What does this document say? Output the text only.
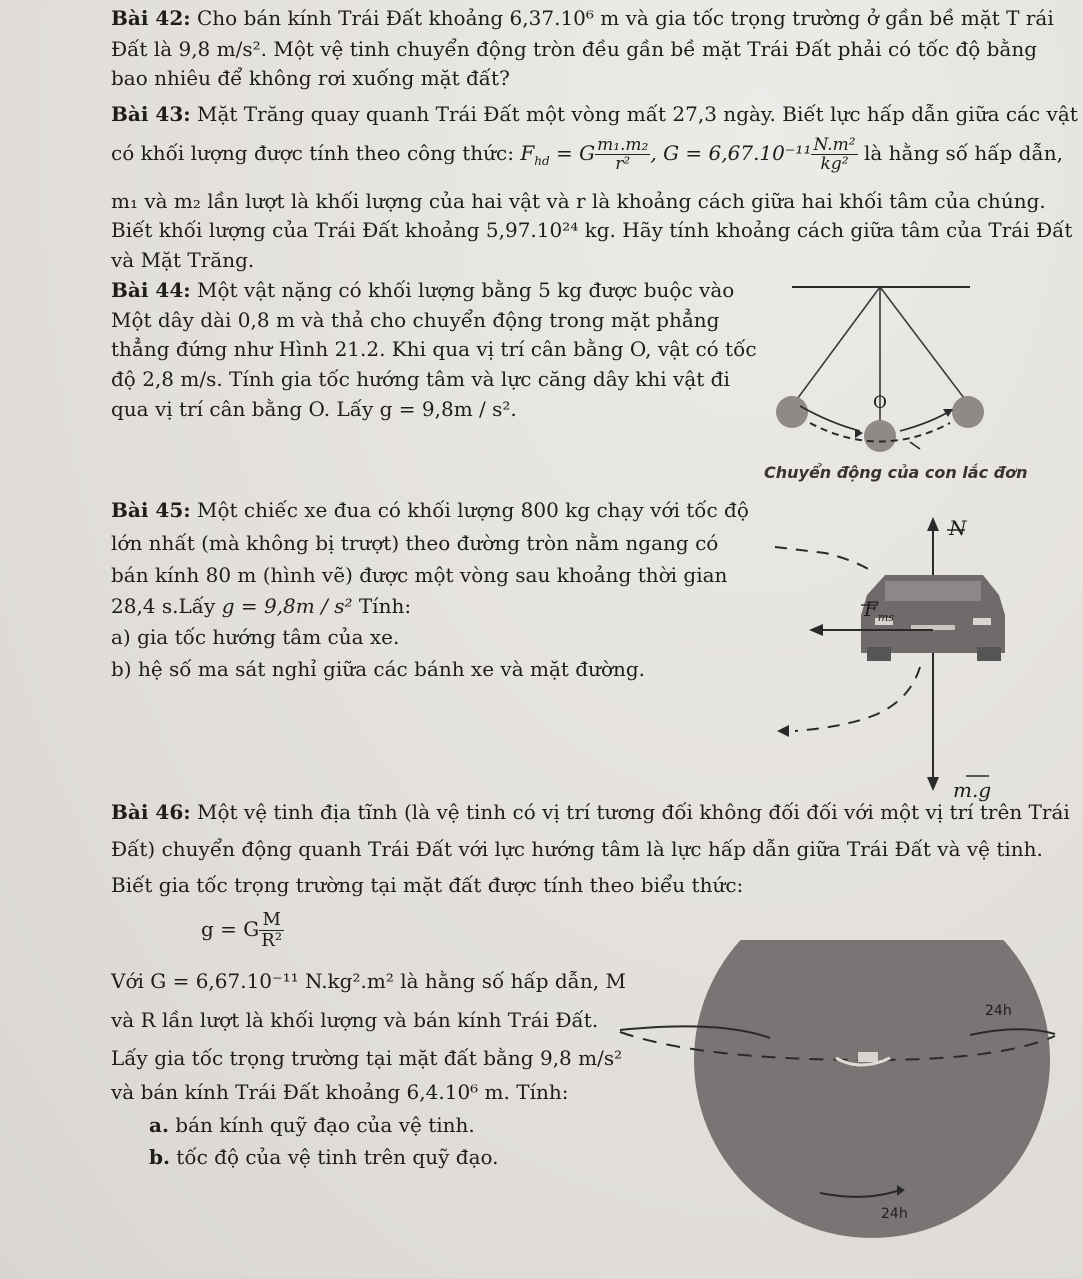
Bài 42: Cho bán kính Trái Đất khoảng 6,37.10⁶ m và gia tốc trọng trường ở gần bề mặt T rái

Đất là 9,8 m/s². Một vệ tinh chuyển động tròn đều gần bề mặt Trái Đất phải có tốc độ bằng

bao nhiêu để không rơi xuống mặt đất?

Bài 43: Mặt Trăng quay quanh Trái Đất một vòng mất 27,3 ngày. Biết lực hấp dẫn giữa các vật

có khối lượng được tính theo công thức: $F_{hd} = G \frac{\text{m₁.m₂}}{\text{r²}}$ , $G = 6,67.10^{-11} \frac{\text{N.m²}}{\text{kg²}}$ là hằng số hấp dẫn,

m₁ và m₂ lần lượt là khối lượng của hai vật và r là khoảng cách giữa hai khối tâm của chúng.

Biết khối lượng của Trái Đất khoảng 5,97.10²⁴ kg. Hãy tính khoảng cách giữa tâm của Trái Đất

và Mặt Trăng.

Bài 44: Một vật nặng có khối lượng bằng 5 kg được buộc vào

Một dây dài 0,8 m và thả cho chuyển động trong mặt phẳng

thẳng đứng như Hình 21.2. Khi qua vị trí cân bằng O, vật có tốc

độ 2,8 m/s. Tính gia tốc hướng tâm và lực căng dây khi vật đi

qua vị trí cân bằng O. Lấy g = 9,8m / s².	O
Chuyển động của con lắc đơn

Bài 45: Một chiếc xe đua có khối lượng 800 kg chạy với tốc độ

lớn nhất (mà không bị trượt) theo đường tròn nằm ngang có

bán kính 80 m (hình vẽ) được một vòng sau khoảng thời gian

28,4 s.Lấy g = 9,8m / s² Tính:

a) gia tốc hướng tâm của xe.

b) hệ số ma sát nghỉ giữa các bánh xe và mặt đường.

N
$F_{ms}$
m.g

Bài 46: Một vệ tinh địa tĩnh (là vệ tinh có vị trí tương đối không đối đối với một vị trí trên Trái

Đất) chuyển động quanh Trái Đất với lực hướng tâm là lực hấp dẫn giữa Trái Đất và vệ tinh.

Biết gia tốc trọng trường tại mặt đất được tính theo biểu thức:

g = G $\frac{M}{\text{R²}}$

Với G = 6,67.10⁻¹¹ N.kg².m² là hằng số hấp dẫn, M

và R lần lượt là khối lượng và bán kính Trái Đất.

Lấy gia tốc trọng trường tại mặt đất bằng 9,8 m/s²

và bán kính Trái Đất khoảng 6,4.10⁶ m. Tính:

a. bán kính quỹ đạo của vệ tinh.

b. tốc độ của vệ tinh trên quỹ đạo.

24h
24h
